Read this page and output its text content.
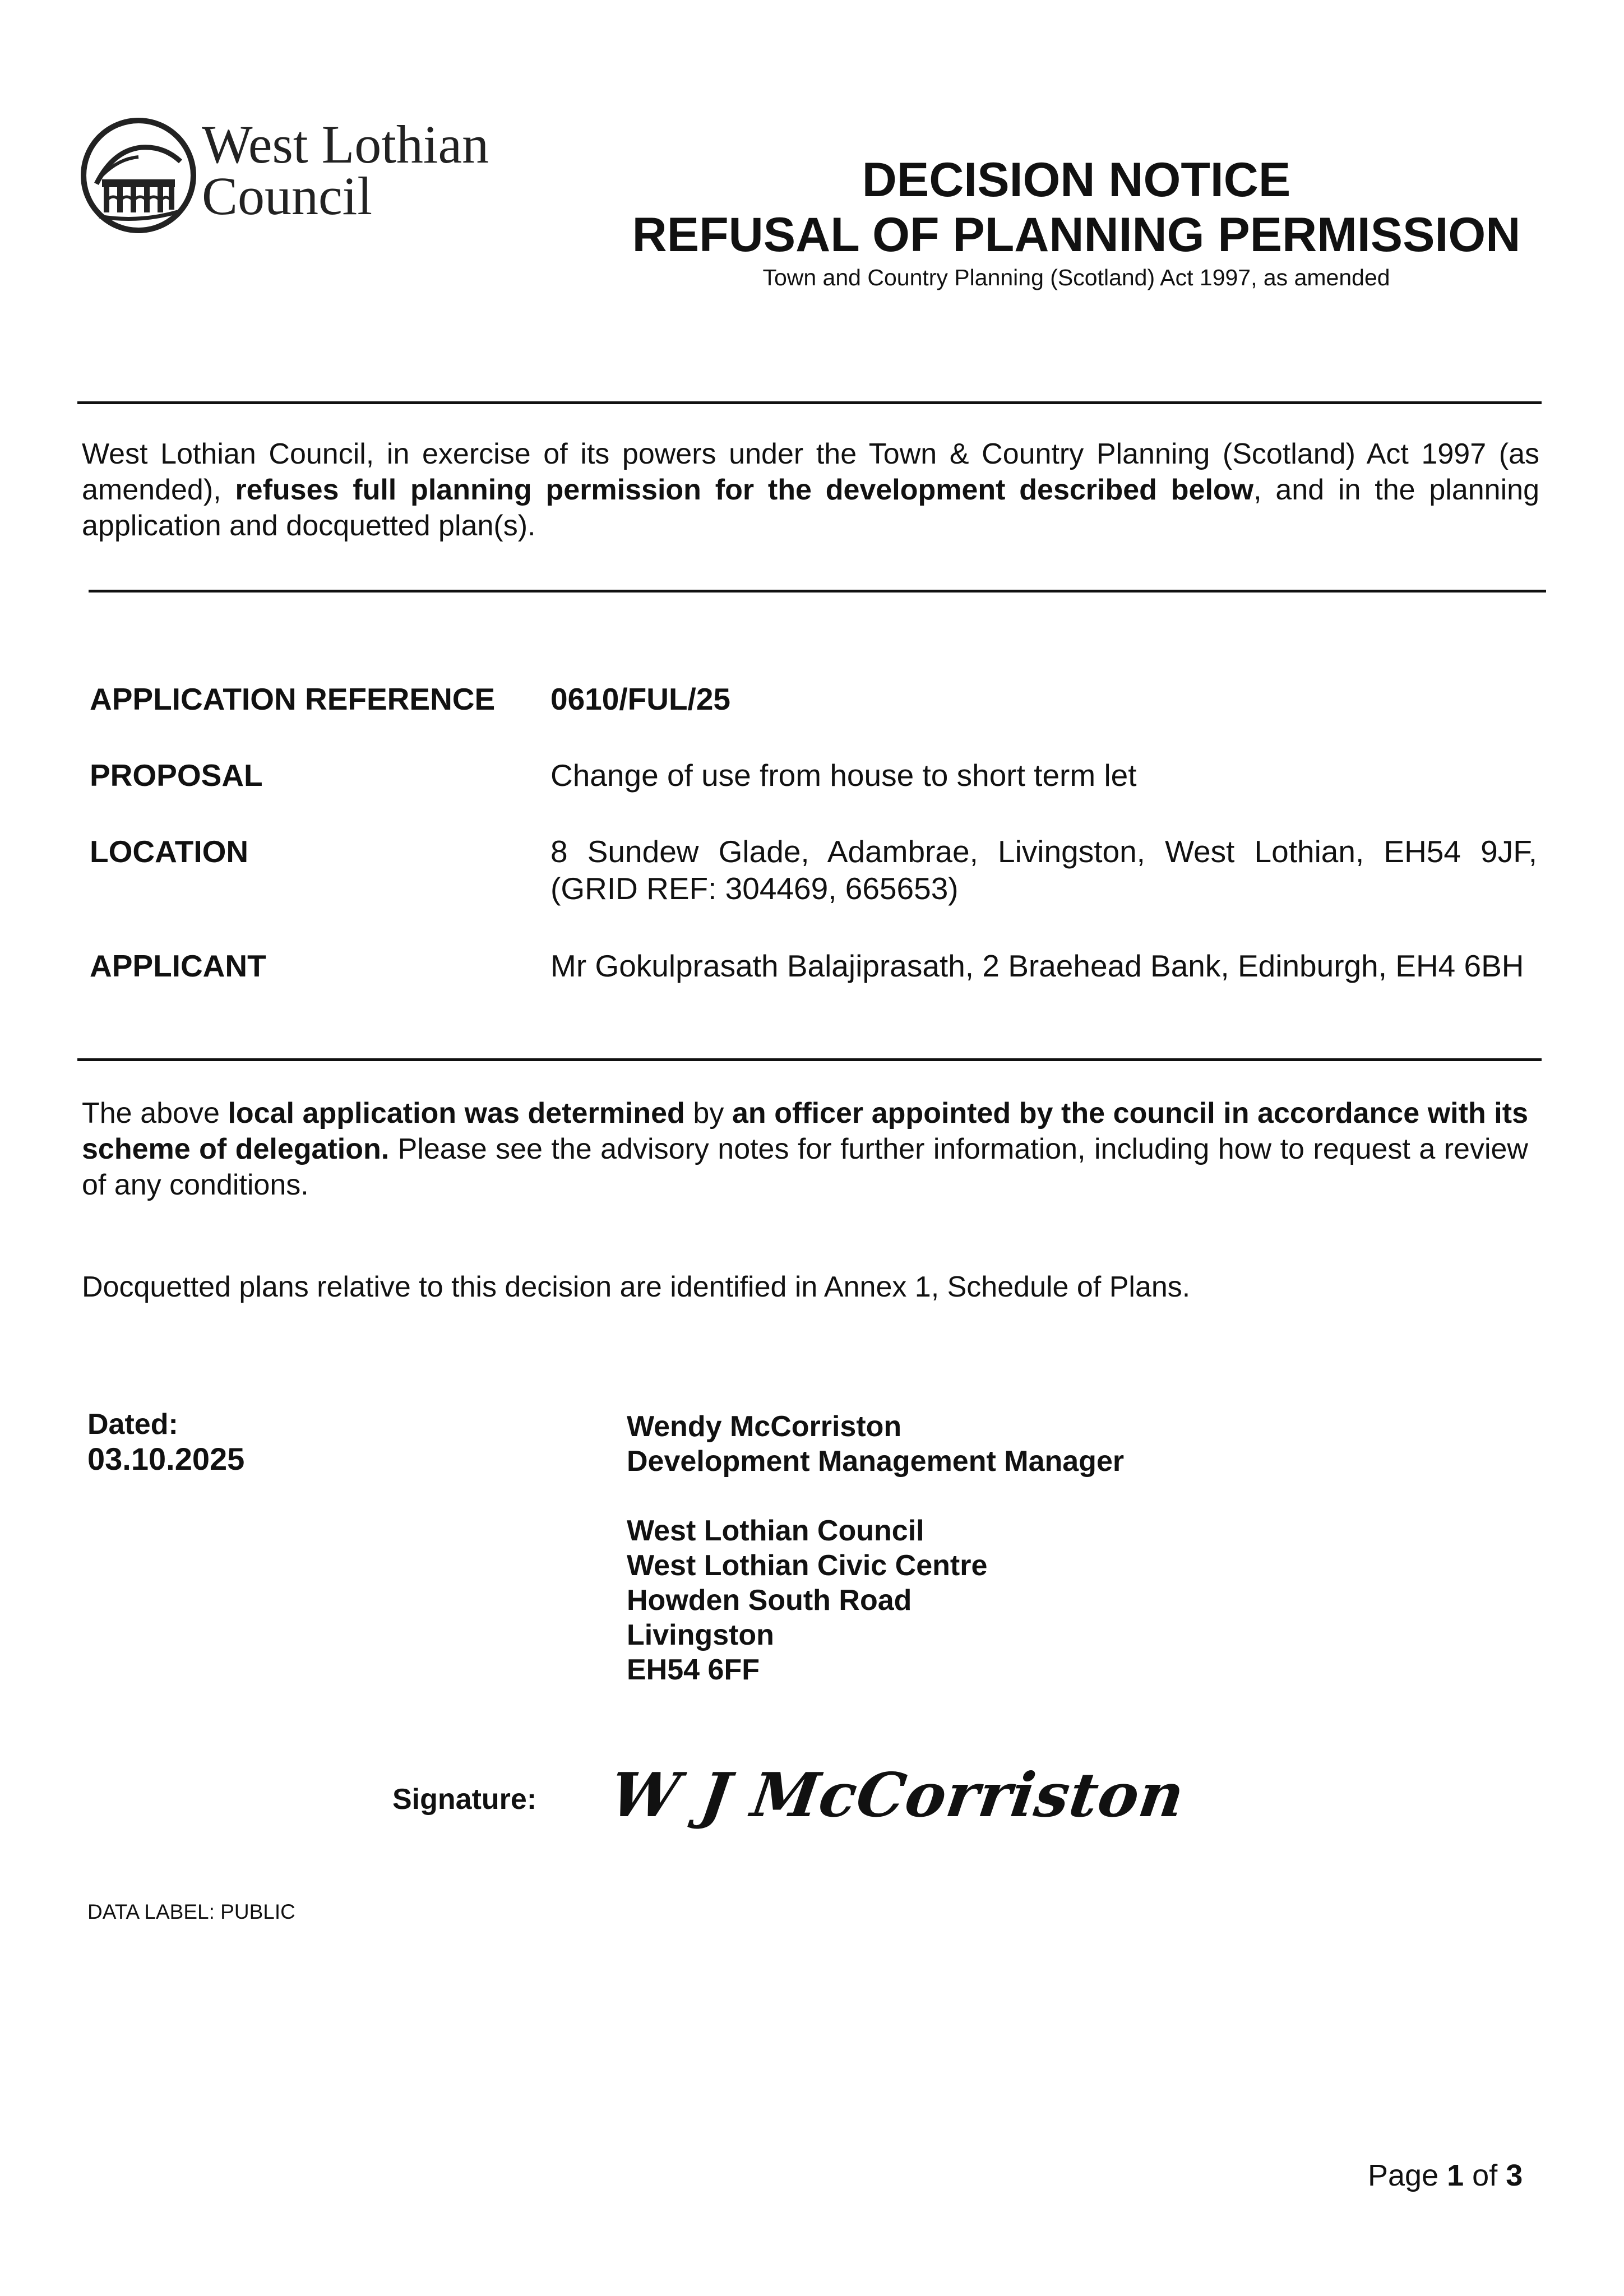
West Lothian
Council	DECISION NOTICE
REFUSAL OF PLANNING PERMISSION
Town and Country Planning (Scotland) Act 1997, as amended
West Lothian Council, in exercise of its powers under the Town & Country Planning (Scotland) Act 1997 (as amended), refuses full planning permission for the development described below, and in the planning application and docquetted plan(s).
APPLICATION REFERENCE	0610/FUL/25
PROPOSAL	Change of use from house to short term let
LOCATION	8 Sundew Glade, Adambrae, Livingston, West Lothian, EH54 9JF, (GRID REF: 304469, 665653)
APPLICANT	Mr Gokulprasath Balajiprasath, 2 Braehead Bank, Edinburgh, EH4 6BH
The above local application was determined by an officer appointed by the council in accordance with its scheme of delegation. Please see the advisory notes for further information, including how to request a review of any conditions.
Docquetted plans relative to this decision are identified in Annex 1, Schedule of Plans.
Dated:
03.10.2025
Wendy McCorriston
Development Management Manager
West Lothian Council
West Lothian Civic Centre
Howden South Road
Livingston
EH54 6FF
Signature: W J McCorriston
DATA LABEL: PUBLIC
Page 1 of 3
